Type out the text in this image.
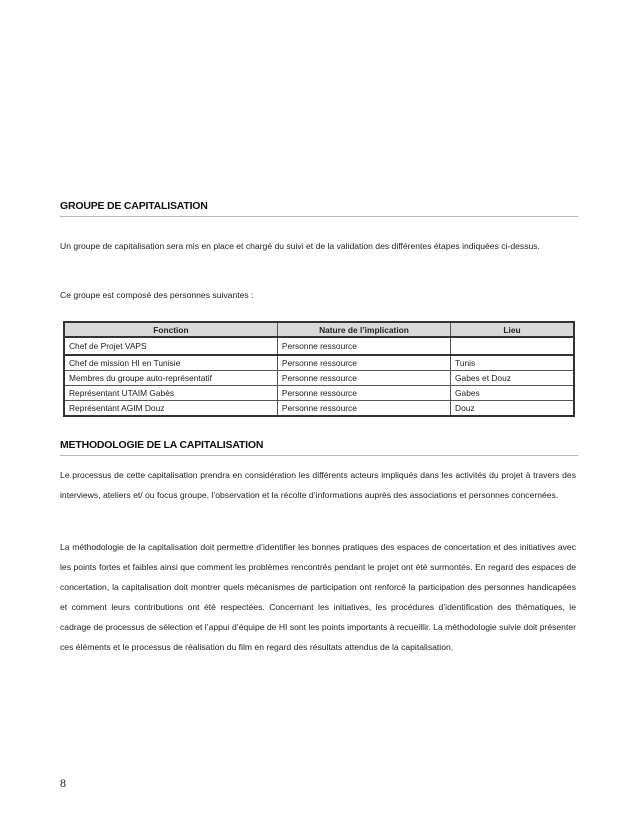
GROUPE DE CAPITALISATION

Un groupe de capitalisation sera mis en place et chargé du suivi et de la validation des différentes étapes indiquées ci-dessus.

Ce groupe est composé des personnes suivantes :

Fonction	Nature de l’implication	Lieu
Chef de Projet VAPS	Personne ressource	
Chef de mission HI en Tunisie	Personne ressource	Tunis
Membres du groupe auto-représentatif	Personne ressource	Gabes et Douz
Représentant UTAIM Gabès	Personne ressource	Gabes
Représentant AGIM Douz	Personne ressource	Douz
METHODOLOGIE DE LA CAPITALISATION

Le processus de cette capitalisation prendra en considération les différents acteurs impliqués dans les activités du projet à travers des interviews, ateliers et/ ou focus groupe, l’observation et la récolte d’informations auprès des associations et personnes concernées.

La méthodologie de la capitalisation doit permettre d’identifier les bonnes pratiques des espaces de concertation et des initiatives avec les points fortes et faibles ainsi que comment les problèmes rencontrés pendant le projet ont été surmontés. En regard des espaces de concertation, la capitalisation doit montrer quels mécanismes de participation ont renforcé la participation des personnes handicapées et comment leurs contributions ont été respectées. Concernant les initiatives, les procédures d’identification des thématiques, le cadrage de processus de sélection et l’appui d’équipe de HI sont les points importants à recueillir. La méthodologie suivie doit présenter ces éléments et le processus de réalisation du film en regard des résultats attendus de la capitalisation.

8
